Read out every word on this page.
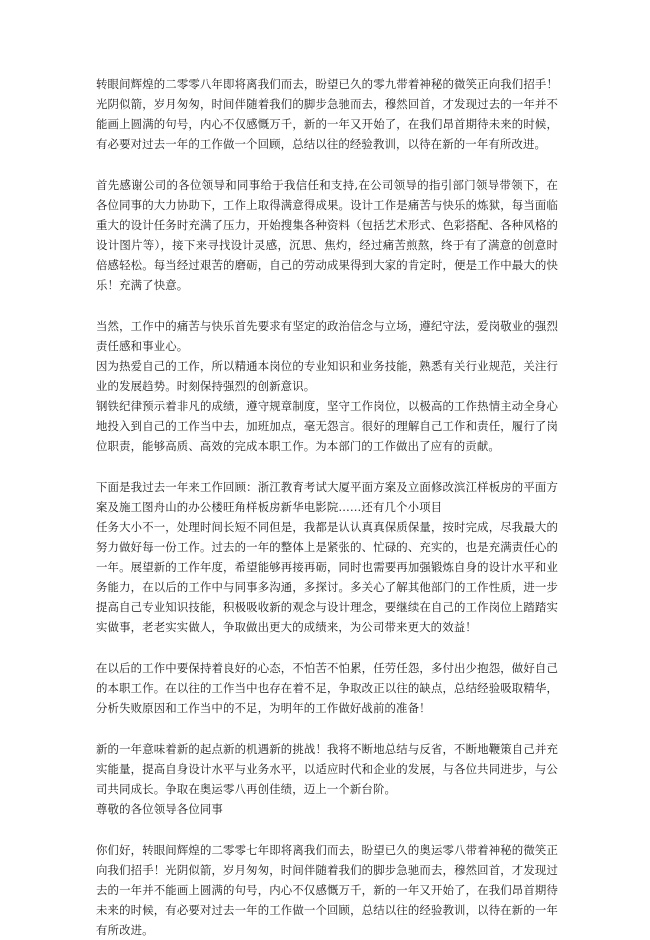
转眼间辉煌的二零零八年即将离我们而去，盼望已久的零九带着神秘的微笑正向我们招手！光阴似箭，岁月匆匆，时间伴随着我们的脚步急驰而去，穆然回首，才发现过去的一年并不能画上圆满的句号，内心不仅感慨万千，新的一年又开始了，在我们昂首期待未来的时候，有必要对过去一年的工作做一个回顾，总结以往的经验教训，以待在新的一年有所改进。

首先感谢公司的各位领导和同事给于我信任和支持,在公司领导的指引部门领导带领下，在各位同事的大力协助下，工作上取得满意得成果。设计工作是痛苦与快乐的炼狱，每当面临重大的设计任务时充满了压力，开始搜集各种资料（包括艺术形式、色彩搭配、各种风格的设计图片等），接下来寻找设计灵感，沉思、焦灼，经过痛苦煎熬，终于有了满意的创意时倍感轻松。每当经过艰苦的磨砺，自己的劳动成果得到大家的肯定时，便是工作中最大的快乐！充满了快意。

当然，工作中的痛苦与快乐首先要求有坚定的政治信念与立场，遵纪守法，爱岗敬业的强烈责任感和事业心。

因为热爱自己的工作，所以精通本岗位的专业知识和业务技能，熟悉有关行业规范，关注行业的发展趋势。时刻保持强烈的创新意识。

钢铁纪律预示着非凡的成绩，遵守规章制度，坚守工作岗位，以极高的工作热情主动全身心地投入到自己的工作当中去，加班加点，毫无怨言。很好的理解自己工作和责任，履行了岗位职责，能够高质、高效的完成本职工作。为本部门的工作做出了应有的贡献。

下面是我过去一年来工作回顾：浙江教育考试大厦平面方案及立面修改滨江样板房的平面方案及施工图舟山的办公楼旺角样板房新华电影院……还有几个小项目

任务大小不一，处理时间长短不同但是，我都是认认真真保质保量，按时完成，尽我最大的努力做好每一份工作。过去的一年的整体上是紧张的、忙碌的、充实的，也是充满责任心的一年。展望新的工作年度，希望能够再接再砺，同时也需要再加强锻炼自身的设计水平和业务能力，在以后的工作中与同事多沟通，多探讨。多关心了解其他部门的工作性质，进一步提高自己专业知识技能，积极吸收新的观念与设计理念，要继续在自己的工作岗位上踏踏实实做事，老老实实做人，争取做出更大的成绩来，为公司带来更大的效益！

在以后的工作中要保持着良好的心态，不怕苦不怕累，任劳任怨，多付出少抱怨，做好自己的本职工作。在以往的工作当中也存在着不足，争取改正以往的缺点，总结经验吸取精华，分析失败原因和工作当中的不足，为明年的工作做好战前的准备！

新的一年意味着新的起点新的机遇新的挑战！我将不断地总结与反省，不断地鞭策自己并充实能量，提高自身设计水平与业务水平，以适应时代和企业的发展，与各位共同进步，与公司共同成长。争取在奥运零八再创佳绩，迈上一个新台阶。

尊敬的各位领导各位同事

你们好，转眼间辉煌的二零零七年即将离我们而去，盼望已久的奥运零八带着神秘的微笑正向我们招手！光阴似箭，岁月匆匆，时间伴随着我们的脚步急驰而去，穆然回首，才发现过去的一年并不能画上圆满的句号，内心不仅感慨万千，新的一年又开始了，在我们昂首期待未来的时候，有必要对过去一年的工作做一个回顾，总结以往的经验教训，以待在新的一年有所改进。
